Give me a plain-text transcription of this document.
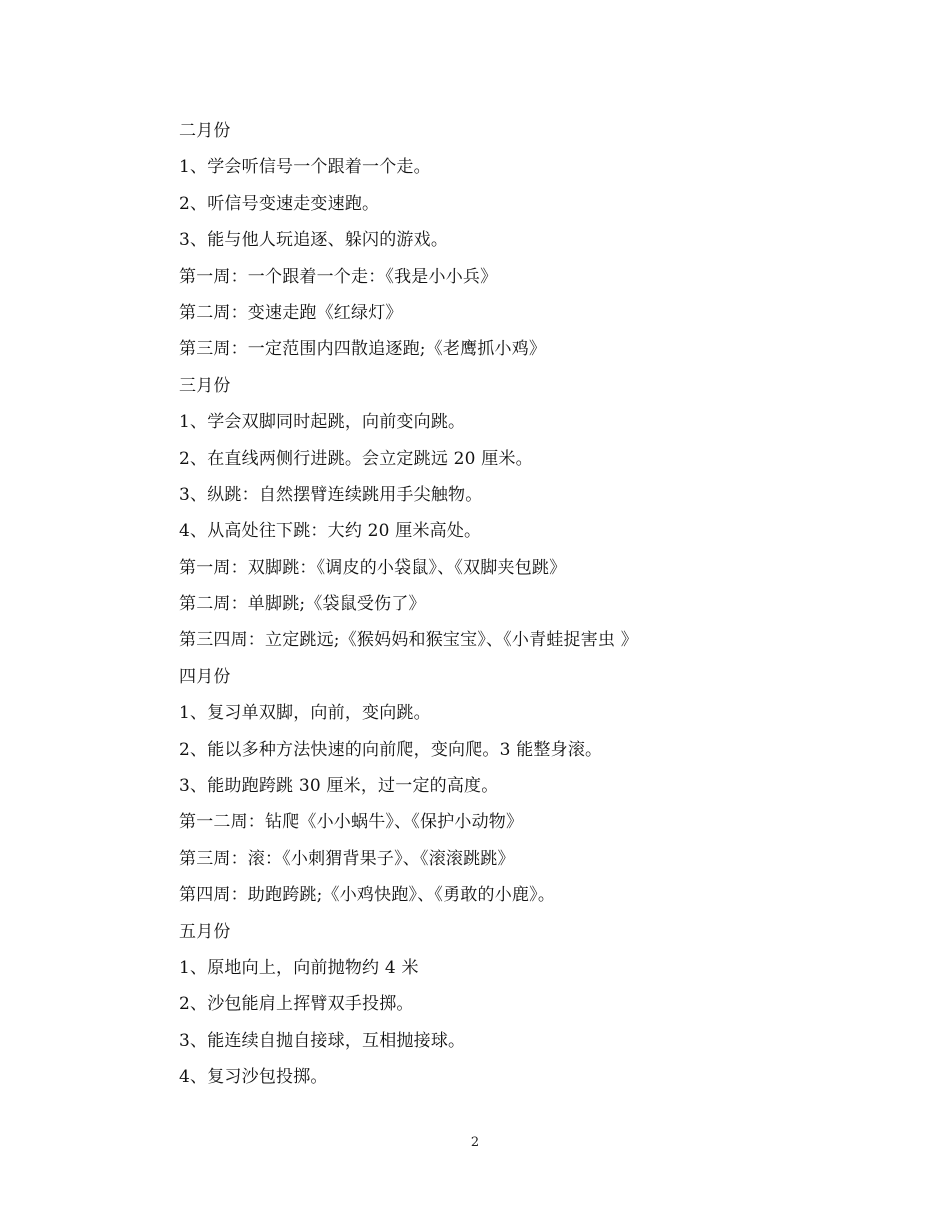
二月份
1、学会听信号一个跟着一个走。
2、听信号变速走变速跑。
3、能与他人玩追逐、躲闪的游戏。
第一周：一个跟着一个走：《我是小小兵》
第二周：变速走跑《红绿灯》
第三周：一定范围内四散追逐跑;《老鹰抓小鸡》
三月份
1、学会双脚同时起跳，向前变向跳。
2、在直线两侧行进跳。会立定跳远 20 厘米。
3、纵跳：自然摆臂连续跳用手尖触物。
4、从高处往下跳：大约 20 厘米高处。
第一周：双脚跳：《调皮的小袋鼠》、《双脚夹包跳》
第二周：单脚跳;《袋鼠受伤了》
第三四周：立定跳远;《猴妈妈和猴宝宝》、《小青蛙捉害虫 》
四月份
1、复习单双脚，向前，变向跳。
2、能以多种方法快速的向前爬，变向爬。3 能整身滚。
3、能助跑跨跳 30 厘米，过一定的高度。
第一二周：钻爬《小小蜗牛》、《保护小动物》
第三周：滚：《小刺猬背果子》、《滚滚跳跳》
第四周：助跑跨跳;《小鸡快跑》、《勇敢的小鹿》。
五月份
1、原地向上，向前抛物约 4 米
2、沙包能肩上挥臂双手投掷。
3、能连续自抛自接球，互相抛接球。
4、复习沙包投掷。
2
